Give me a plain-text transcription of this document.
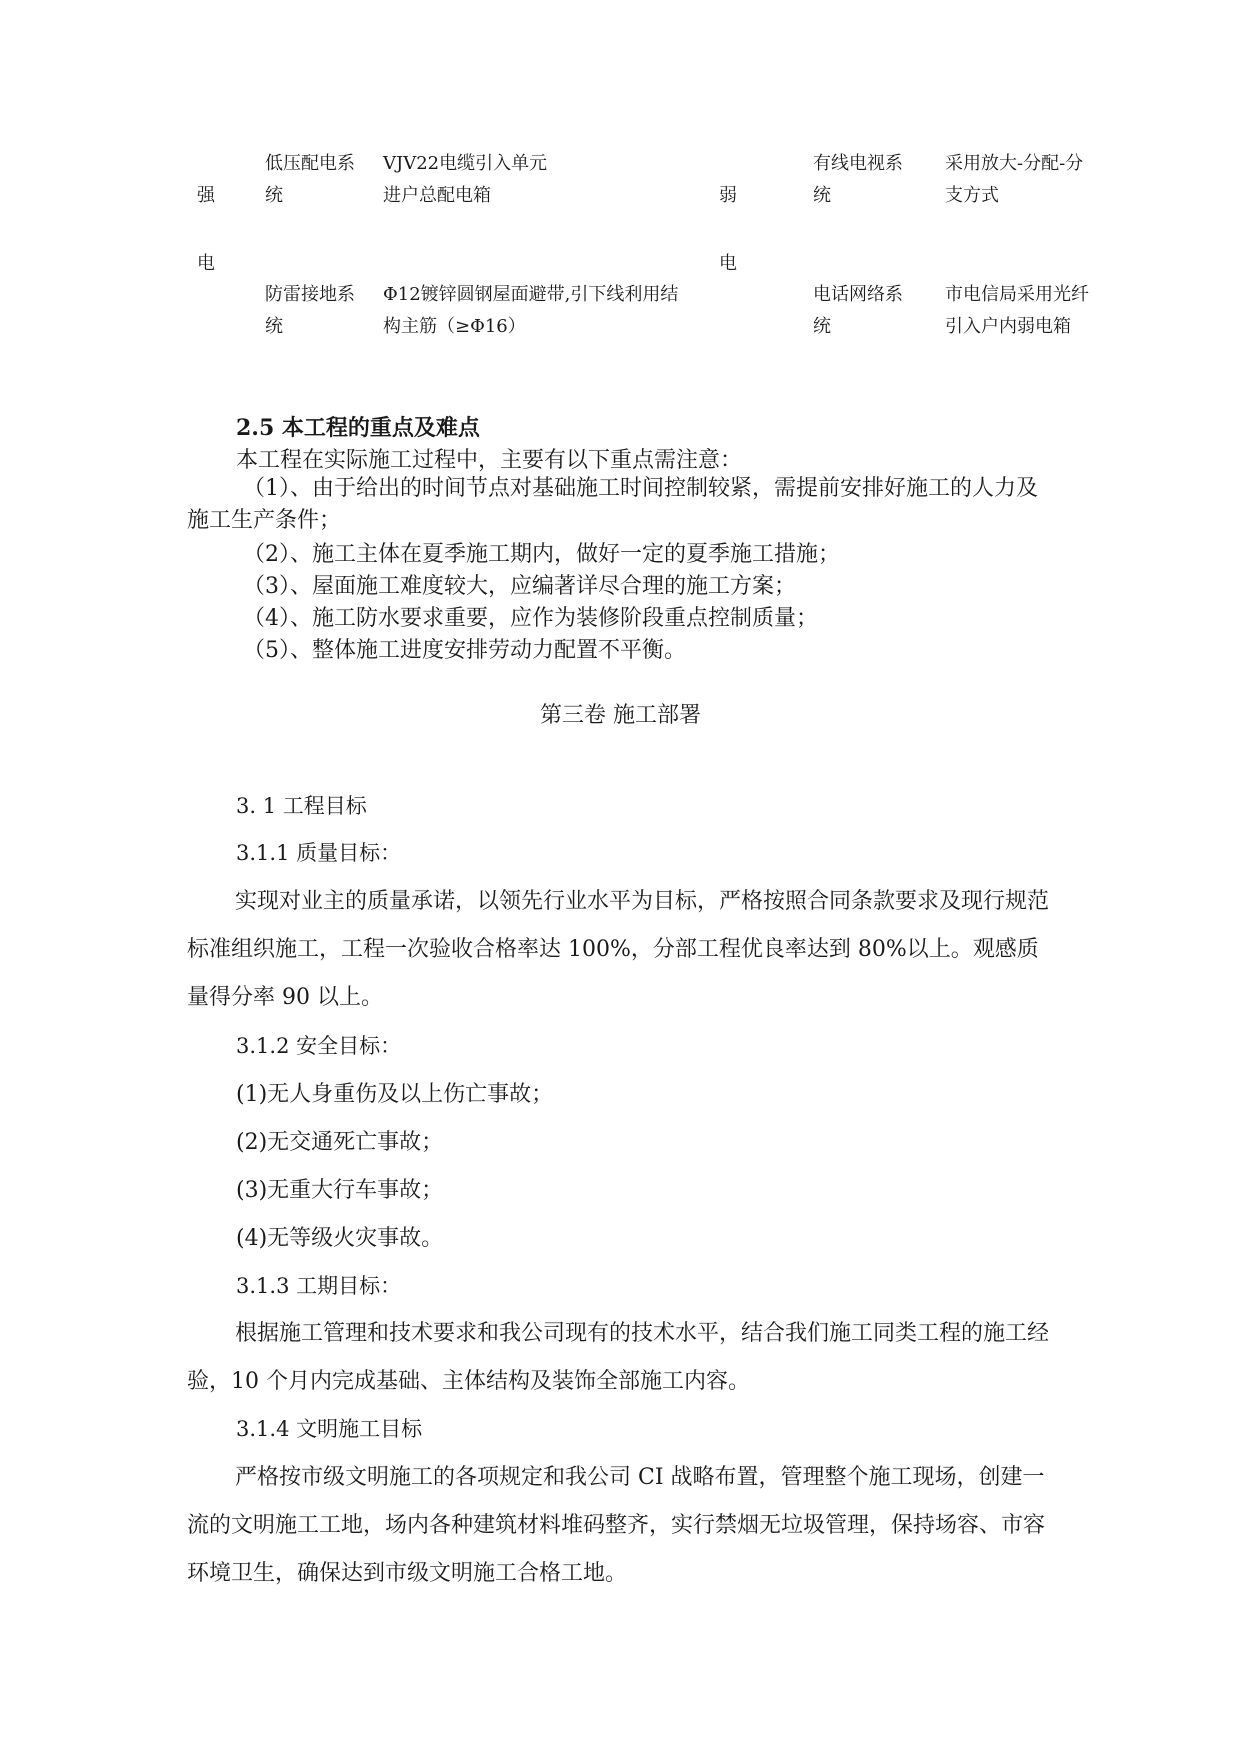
强
电
弱
电
低压配电系
统
VJV22电缆引入单元
进户总配电箱
有线电视系
统
采用放大-分配-分
支方式
防雷接地系
统
Φ12镀锌圆钢屋面避带,引下线利用结
构主筋（≥Φ16）
电话网络系
统
市电信局采用光纤
引入户内弱电箱
2.5 本工程的重点及难点
本工程在实际施工过程中，主要有以下重点需注意：
（1）、由于给出的时间节点对基础施工时间控制较紧，需提前安排好施工的人力及施工生产条件；
（2）、施工主体在夏季施工期内，做好一定的夏季施工措施；
（3）、屋面施工难度较大，应编著详尽合理的施工方案；
（4）、施工防水要求重要，应作为装修阶段重点控制质量；
（5）、整体施工进度安排劳动力配置不平衡。
第三卷 施工部署
3. 1 工程目标
3.1.1 质量目标：
实现对业主的质量承诺，以领先行业水平为目标，严格按照合同条款要求及现行规范标准组织施工，工程一次验收合格率达 100%，分部工程优良率达到 80%以上。观感质量得分率 90 以上。
3.1.2 安全目标：
(1)无人身重伤及以上伤亡事故；
(2)无交通死亡事故；
(3)无重大行车事故；
(4)无等级火灾事故。
3.1.3 工期目标：
根据施工管理和技术要求和我公司现有的技术水平，结合我们施工同类工程的施工经验，10 个月内完成基础、主体结构及装饰全部施工内容。
3.1.4 文明施工目标
严格按市级文明施工的各项规定和我公司 CI 战略布置，管理整个施工现场，创建一流的文明施工工地，场内各种建筑材料堆码整齐，实行禁烟无垃圾管理，保持场容、市容环境卫生，确保达到市级文明施工合格工地。
